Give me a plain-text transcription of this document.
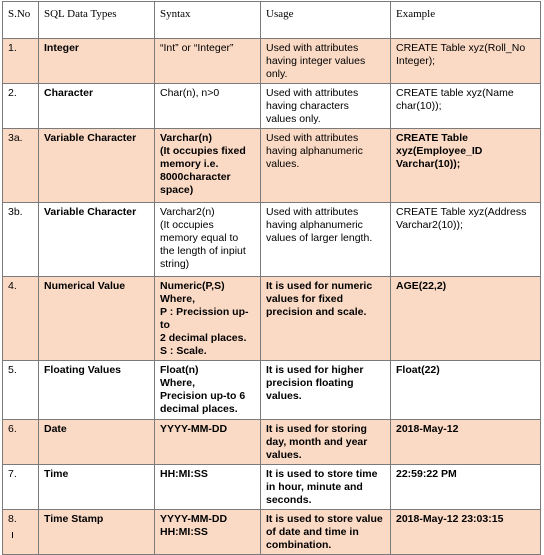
S.No	SQL Data Types	Syntax	Usage	Example
1.	Integer	“Int” or “Integer”	Used with attributes
having integer values
only.	CREATE Table xyz(Roll_No
Integer);

2.	Character	Char(n), n>0	Used with attributes
having characters
values only.	CREATE table xyz(Name
char(10));

3a.	Variable Character	Varchar(n)
(It occupies fixed
memory i.e.
8000character
space)	Used with attributes
having alphanumeric
values.	CREATE Table
xyz(Employee_ID
Varchar(10));

3b.	Variable Character	Varchar2(n)
(It occupies
memory equal to
the length of inpiut
string)	Used with attributes
having alphanumeric
values of larger length.	CREATE Table xyz(Address
Varchar2(10));

4.	Numerical Value	Numeric(P,S)
Where,
P : Precission up-to
2 decimal places.
S : Scale.	It is used for numeric
values for fixed
precision and scale.	AGE(22,2)

5.	Floating Values	Float(n)
Where,
Precision up-to 6
decimal places.	It is used for higher
precision floating
values.	Float(22)

6.	Date	YYYY-MM-DD	It is used for storing
day, month and year
values.	2018-May-12

7.	Time	HH:MI:SS	It is used to store time
in hour, minute and
seconds.	22:59:22 PM

8.	Time Stamp	YYYY-MM-DD
HH:MI:SS	It is used to store value
of date and time in
combination.	2018-May-12 23:03:15
